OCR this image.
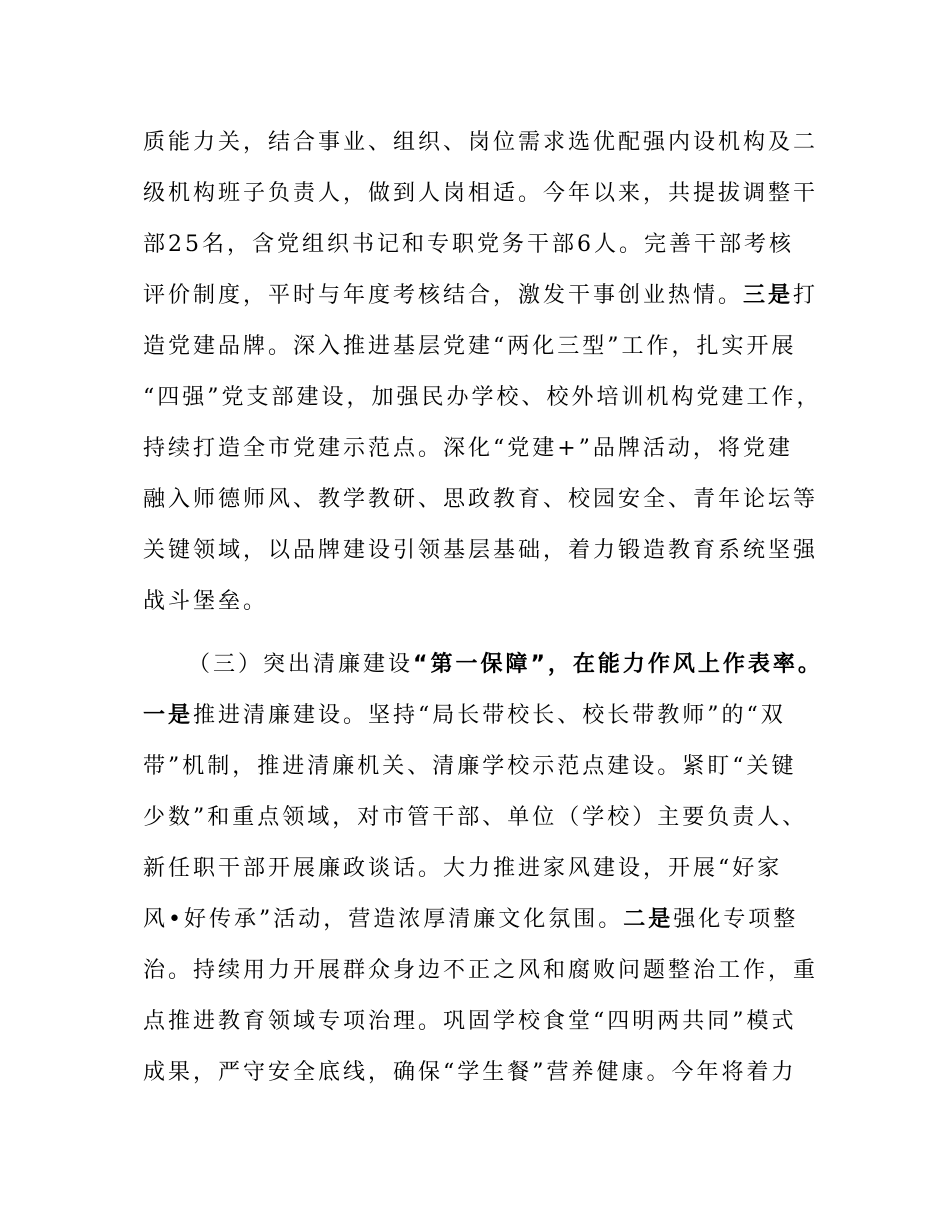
质能力关，结合事业、组织、岗位需求选优配强内设机构及二
级机构班子负责人，做到人岗相适。今年以来，共提拔调整干
部25名，含党组织书记和专职党务干部6人。完善干部考核
评价制度，平时与年度考核结合，激发干事创业热情。三是打
造党建品牌。深入推进基层党建“两化三型”工作，扎实开展
“四强”党支部建设，加强民办学校、校外培训机构党建工作，
持续打造全市党建示范点。深化“党建+”品牌活动，将党建
融入师德师风、教学教研、思政教育、校园安全、青年论坛等
关键领域，以品牌建设引领基层基础，着力锻造教育系统坚强
战斗堡垒。
（三）突出清廉建设“第一保障”，在能力作风上作表率。
一是推进清廉建设。坚持“局长带校长、校长带教师”的“双
带”机制，推进清廉机关、清廉学校示范点建设。紧盯“关键
少数”和重点领域，对市管干部、单位（学校）主要负责人、
新任职干部开展廉政谈话。大力推进家风建设，开展“好家
风•好传承”活动，营造浓厚清廉文化氛围。二是强化专项整
治。持续用力开展群众身边不正之风和腐败问题整治工作，重
点推进教育领域专项治理。巩固学校食堂“四明两共同”模式
成果，严守安全底线，确保“学生餐”营养健康。今年将着力
